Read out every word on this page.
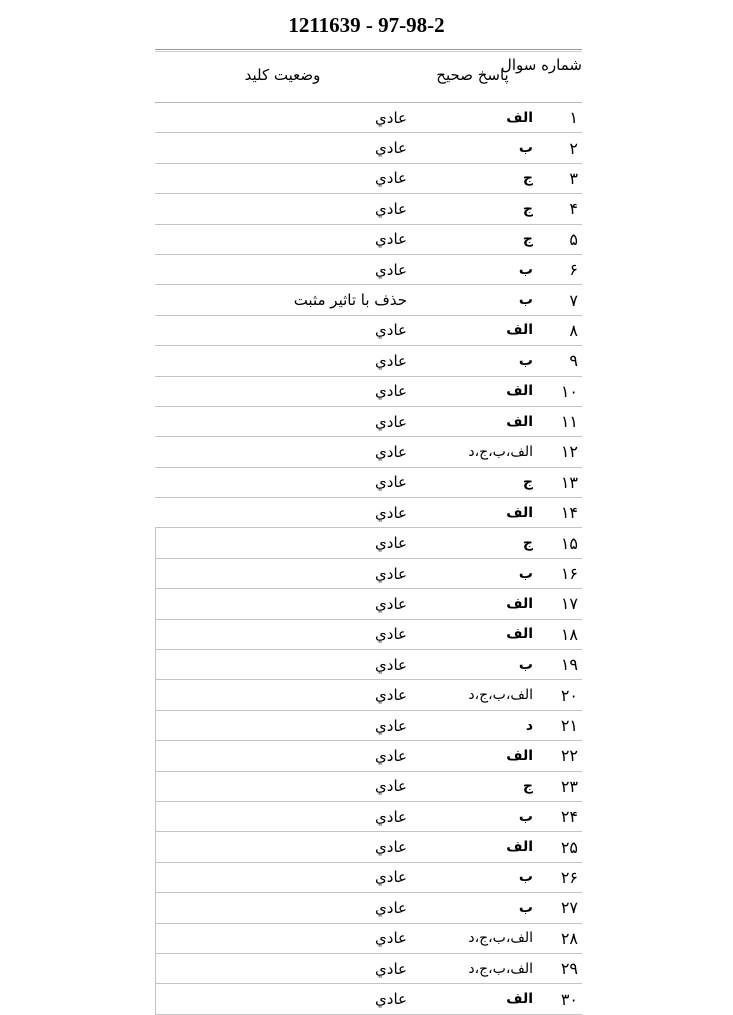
1211639 - 97-98-2
شماره سوال
پاسخ صحيح
وضعيت کليد
۱
الف
عادي
۲
ب
عادي
۳
ج
عادي
۴
ج
عادي
۵
ج
عادي
۶
ب
عادي
۷
ب
حذف با تاثير مثبت
۸
الف
عادي
۹
ب
عادي
۱۰
الف
عادي
۱۱
الف
عادي
۱۲
الف،ب،ج،د
عادي
۱۳
ج
عادي
۱۴
الف
عادي
۱۵
ج
عادي
۱۶
ب
عادي
۱۷
الف
عادي
۱۸
الف
عادي
۱۹
ب
عادي
۲۰
الف،ب،ج،د
عادي
۲۱
د
عادي
۲۲
الف
عادي
۲۳
ج
عادي
۲۴
ب
عادي
۲۵
الف
عادي
۲۶
ب
عادي
۲۷
ب
عادي
۲۸
الف،ب،ج،د
عادي
۲۹
الف،ب،ج،د
عادي
۳۰
الف
عادي
